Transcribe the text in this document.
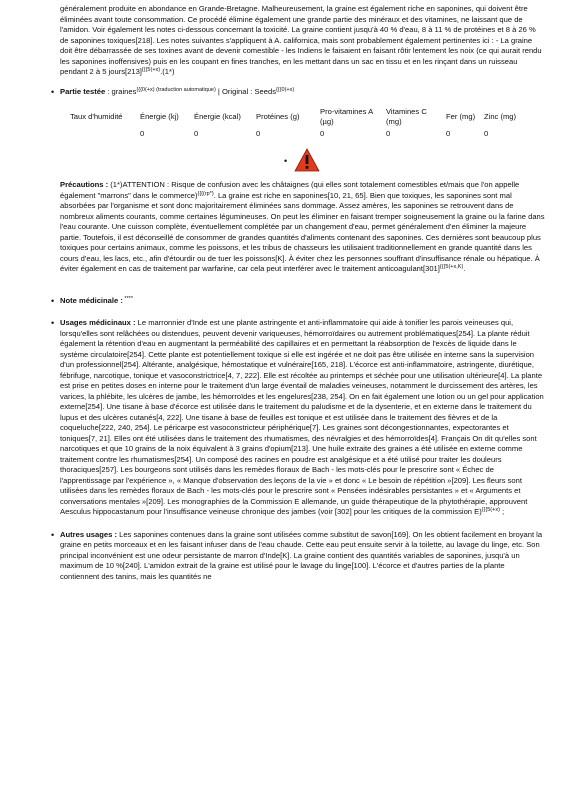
généralement produite en abondance en Grande-Bretagne. Malheureusement, la graine est également riche en saponines, qui doivent être éliminées avant toute consommation. Ce procédé élimine également une grande partie des minéraux et des vitamines, ne laissant que de l'amidon. Voir également les notes ci-dessous concernant la toxicité. La graine contient jusqu'à 40 % d'eau, 8 à 11 % de protéines et 8 à 26 % de saponines toxiques[218]. Les notes suivantes s'appliquent à A. californica, mais sont probablement également pertinentes ici : - La graine doit être débarrassée de ses toxines avant de devenir comestible - les Indiens le faisaient en faisant rôtir lentement les noix (ce qui aurait rendu les saponines inoffensives) puis en les coupant en fines tranches, en les mettant dans un sac en tissu et en les rinçant dans un ruisseau pendant 2 à 5 $jours[213]^{\{\{\{5(+x)}.(1*)$

• Partie testée : graines$^{\{\{\{0(+x)}$ $^{(traduction automatique)}$ | Original : Seeds$^{\{\{\{0(+x)}$
Taux d'humidité	Énergie (kj)	Énergie (kcal)	Protéines (g)	Pro-vitamines A (µg)	Vitamines C (mg)	Fer (mg)	Zinc (mg)
	0	0	0	0	0	0	0
•

Précautions : (1*)ATTENTION : Risque de confusion avec les châtaignes (qui elles sont totalement comestibles et/mais que l'on appelle également "marrons" dans le commerce)$^{\{\{\{(rp*)}$. La graine est riche en saponines[10, 21, 65]. Bien que toxiques, les saponines sont mal absorbées par l'organisme et sont donc majoritairement éliminées sans dommage. Assez amères, les saponines se retrouvent dans de nombreux aliments courants, comme certaines légumineuses. On peut les éliminer en faisant tremper soigneusement la graine ou la farine dans l'eau courante. Une cuisson complète, éventuellement complétée par un changement d'eau, permet généralement d'en éliminer la majeure partie. Toutefois, il est déconseillé de consommer de grandes quantités d'aliments contenant des saponines. Ces dernières sont beaucoup plus toxiques pour certains animaux, comme les poissons, et les tribus de chasseurs les utilisaient traditionnellement en grande quantité dans les cours d'eau, les lacs, etc., afin d'étourdir ou de tuer les poissons[K]. À éviter chez les personnes souffrant d'insuffisance rénale ou hépatique. À éviter également en cas de traitement par warfarine, car cela peut interférer avec le traitement $anticoagulant[301]^{\{\{\{5(+x,K)}$.

• Note médicinale : ****
• Usages médicinaux : Le marronnier d'Inde est une plante astringente et anti-inflammatoire qui aide à tonifier les parois veineuses qui, lorsqu'elles sont relâchées ou distendues, peuvent devenir variqueuses, hémorroïdaires ou autrement problématiques[254]. La plante réduit également la rétention d'eau en augmentant la perméabilité des capillaires et en permettant la réabsorption de l'excès de liquide dans le système circulatoire[254]. Cette plante est potentiellement toxique si elle est ingérée et ne doit pas être utilisée en interne sans la supervision d'un professionnel[254]. Altérante, analgésique, hémostatique et vulnéraire[165, 218]. L'écorce est anti-inflammatoire, astringente, diurétique, fébrifuge, narcotique, tonique et vasoconstrictrice[4, 7, 222]. Elle est récoltée au printemps et séchée pour une utilisation ultérieure[4]. La plante est prise en petites doses en interne pour le traitement d'un large éventail de maladies veineuses, notamment le durcissement des artères, les varices, la phlébite, les ulcères de jambe, les hémorroïdes et les engelures[238, 254]. On en fait également une lotion ou un gel pour application externe[254]. Une tisane à base d'écorce est utilisée dans le traitement du paludisme et de la dysenterie, et en externe dans le traitement du lupus et des ulcères cutanés[4, 222]. Une tisane à base de feuilles est tonique et est utilisée dans le traitement des fièvres et de la coqueluche[222, 240, 254]. Le péricarpe est vasoconstricteur périphérique[7]. Les graines sont décongestionnantes, expectorantes et toniques[7, 21]. Elles ont été utilisées dans le traitement des rhumatismes, des névralgies et des hémorroïdes[4]. Français On dit qu'elles sont narcotiques et que 10 grains de la noix équivalent à 3 grains d'opium[213]. Une huile extraite des graines a été utilisée en externe comme traitement contre les rhumatismes[254]. Un composé des racines en poudre est analgésique et a été utilisé pour traiter les douleurs thoraciques[257]. Les bourgeons sont utilisés dans les remèdes floraux de Bach - les mots-clés pour le prescrire sont « Échec de l'apprentissage par l'expérience », « Manque d'observation des leçons de la vie » et donc « Le besoin de répétition »[209]. Les fleurs sont utilisées dans les remèdes floraux de Bach - les mots-clés pour le prescrire sont « Pensées indésirables persistantes » et « Arguments et conversations mentales »[209]. Les monographies de la Commission E allemande, un guide thérapeutique de la phytothérapie, approuvent Aesculus hippocastanum pour l'insuffisance veineuse chronique des jambes (voir [302] pour les critiques de la commission E)$^{\{\{\{5(+x)}$ ;
• Autres usages : Les saponines contenues dans la graine sont utilisées comme substitut de savon[169]. On les obtient facilement en broyant la graine en petits morceaux et en les faisant infuser dans de l'eau chaude. Cette eau peut ensuite servir à la toilette, au lavage du linge, etc. Son principal inconvénient est une odeur persistante de marron d'Inde[K]. La graine contient des quantités variables de saponines, jusqu'à un maximum de 10 %[240]. L'amidon extrait de la graine est utilisé pour le lavage du linge[100]. L'écorce et d'autres parties de la plante contiennent des tanins, mais les quantités ne
